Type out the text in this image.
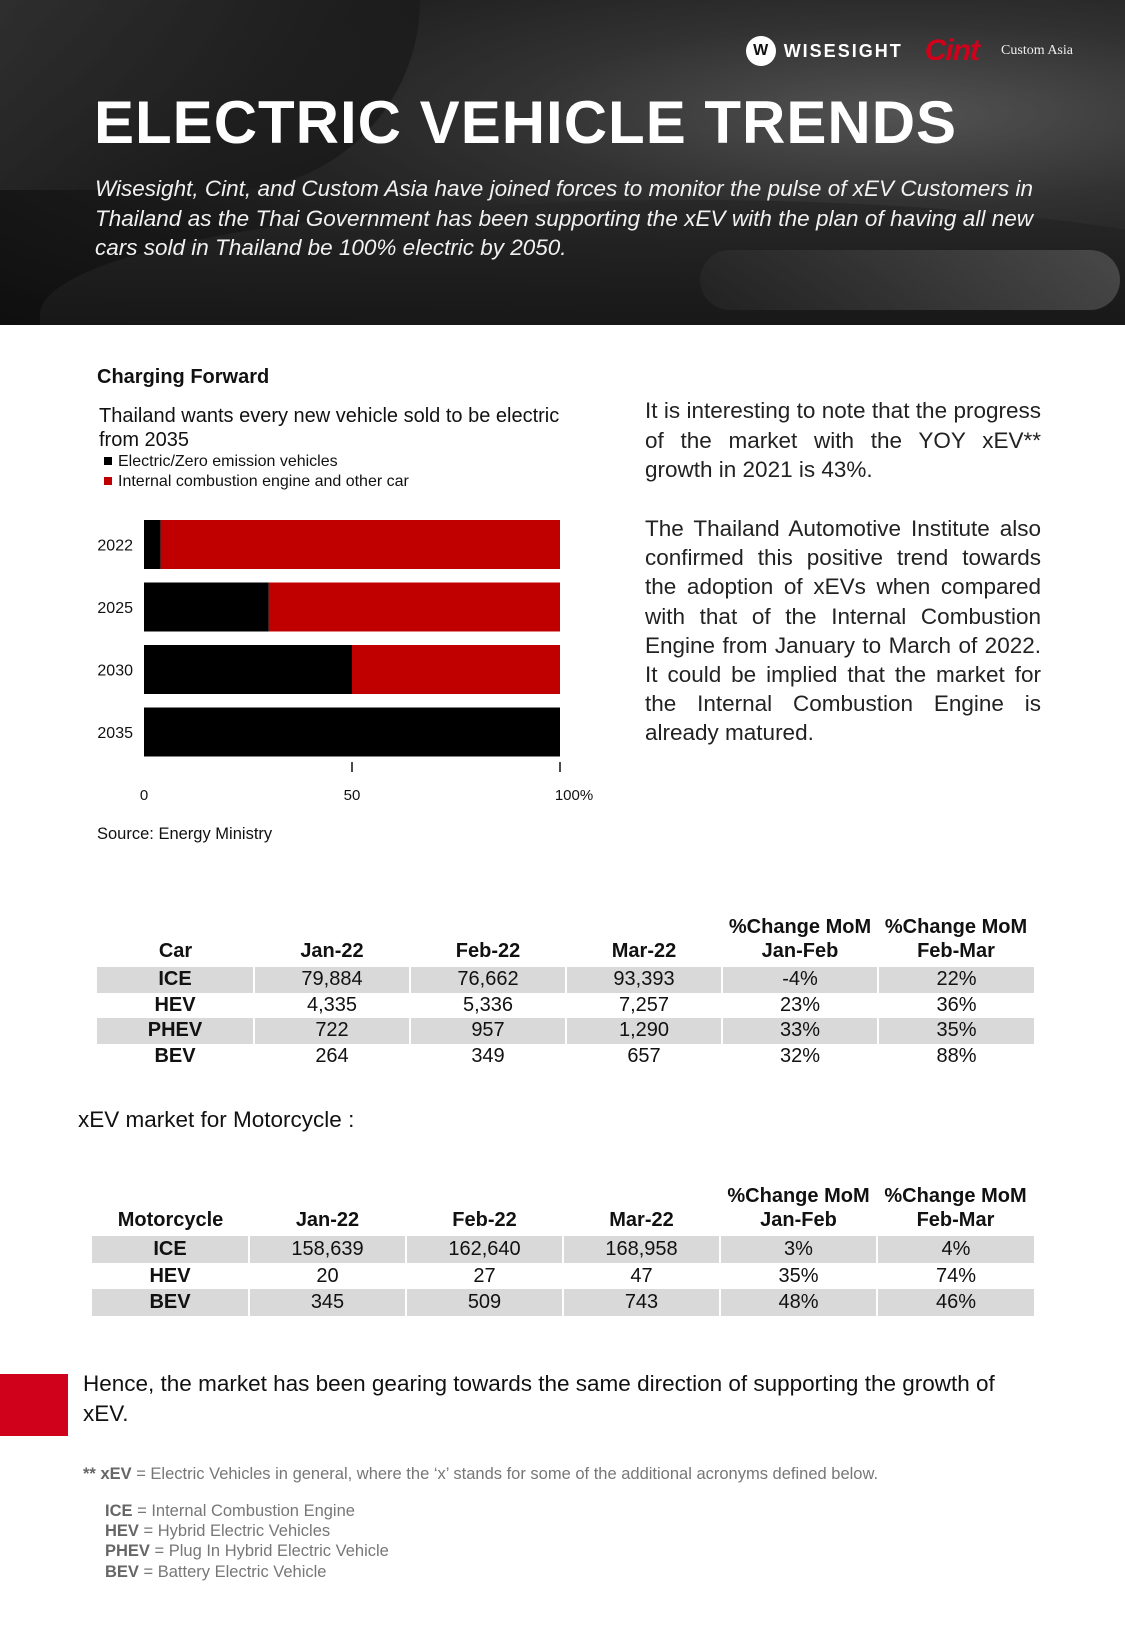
W WISESIGHT Cint Custom Asia
ELECTRIC VEHICLE TRENDS

Wisesight, Cint, and Custom Asia have joined forces to monitor the pulse of xEV Customers in Thailand as the Thai Government has been supporting the xEV with the plan of having all new cars sold in Thailand be 100% electric by 2050.

Charging Forward

Thailand wants every new vehicle sold to be electric from 2035

Electric/Zero emission vehicles
Internal combustion engine and other car
2022
2025
2030
2035
0	50	100%

Source: Energy Ministry

It is interesting to note that the progress of the market with the YOY xEV** growth in 2021 is 43%.

The Thailand Automotive Institute also confirmed this positive trend towards the adoption of xEVs when compared with that of the Internal Combustion Engine from January to March of 2022. It could be implied that the market for the Internal Combustion Engine is already matured.

Car	Jan-22	Feb-22	Mar-22	%Change MoM Jan-Feb	%Change MoM Feb-Mar
ICE	79,884	76,662	93,393	-4%	22%
HEV	4,335	5,336	7,257	23%	36%
PHEV	722	957	1,290	33%	35%
BEV	264	349	657	32%	88%

xEV market for Motorcycle :

Motorcycle	Jan-22	Feb-22	Mar-22	%Change MoM Jan-Feb	%Change MoM Feb-Mar
ICE	158,639	162,640	168,958	3%	4%
HEV	20	27	47	35%	74%
BEV	345	509	743	48%	46%

Hence, the market has been gearing towards the same direction of supporting the growth of xEV.

** xEV = Electric Vehicles in general, where the ‘x’ stands for some of the additional acronyms defined below.

ICE = Internal Combustion Engine
HEV = Hybrid Electric Vehicles
PHEV = Plug In Hybrid Electric Vehicle
BEV = Battery Electric Vehicle
